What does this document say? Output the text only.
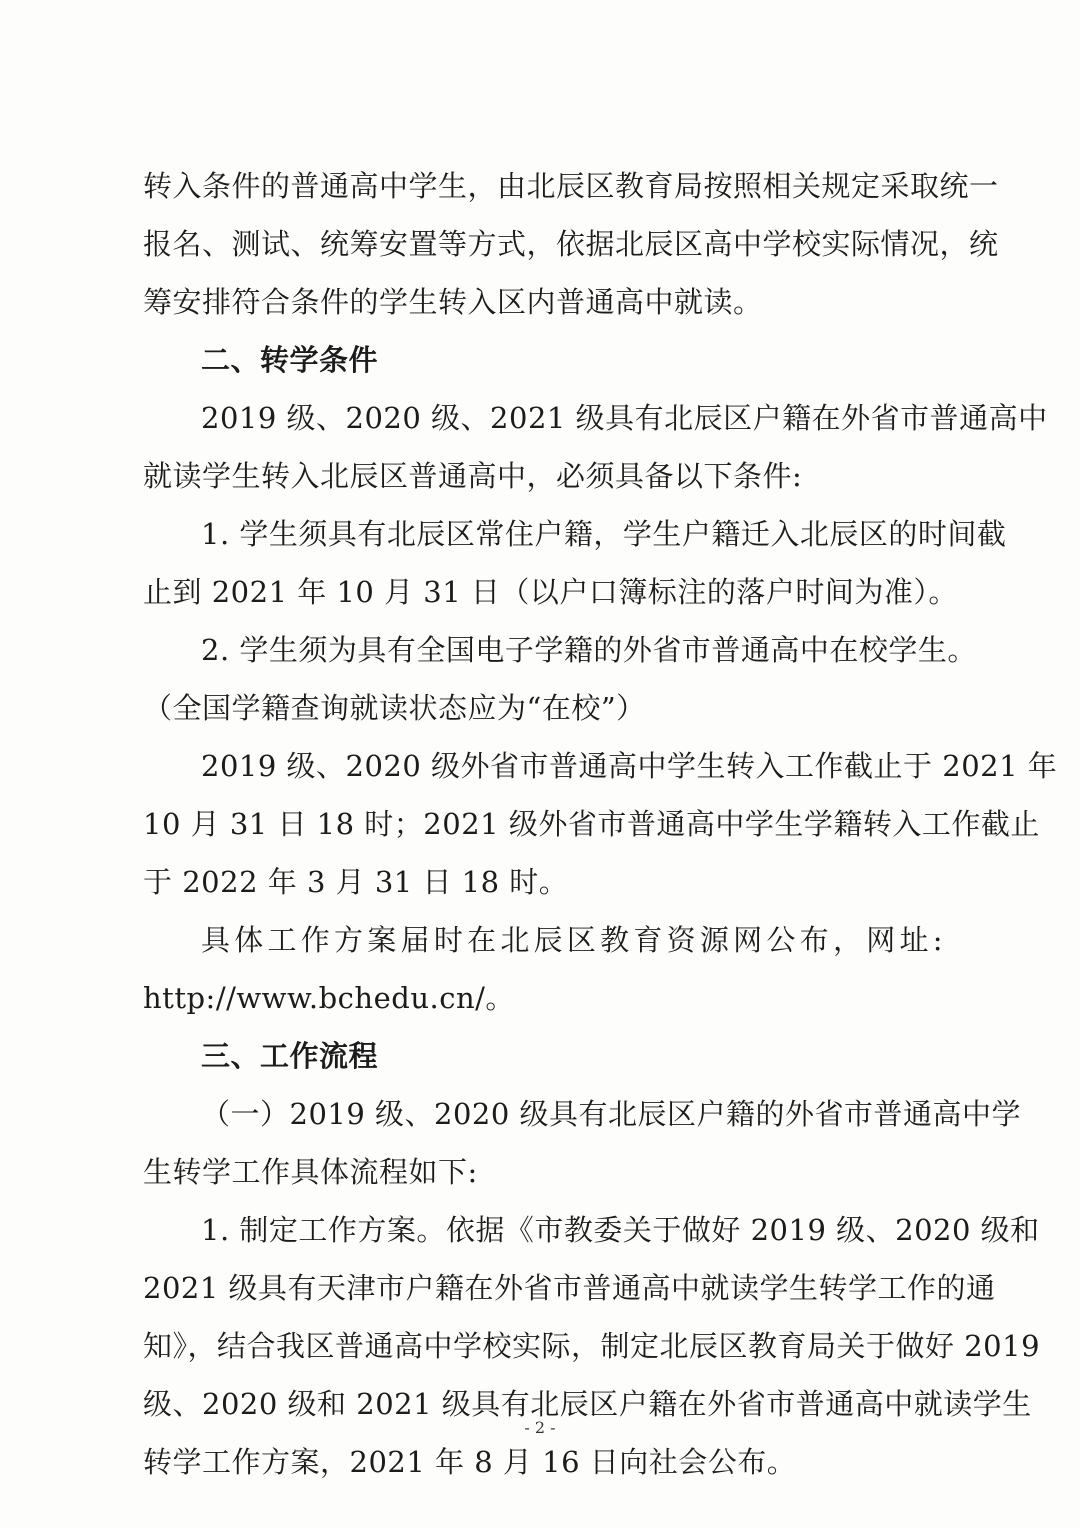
转入条件的普通高中学生，由北辰区教育局按照相关规定采取统一
报名、测试、统筹安置等方式，依据北辰区高中学校实际情况，统
筹安排符合条件的学生转入区内普通高中就读。
二、转学条件
2019 级、2020 级、2021 级具有北辰区户籍在外省市普通高中
就读学生转入北辰区普通高中，必须具备以下条件:
1. 学生须具有北辰区常住户籍，学生户籍迁入北辰区的时间截
止到 2021 年 10 月 31 日（以户口簿标注的落户时间为准）。
2. 学生须为具有全国电子学籍的外省市普通高中在校学生。
（全国学籍查询就读状态应为“在校”）
2019 级、2020 级外省市普通高中学生转入工作截止于 2021 年
10 月 31 日 18 时；2021 级外省市普通高中学生学籍转入工作截止
于 2022 年 3 月 31 日 18 时。
具体工作方案届时在北辰区教育资源网公布，网址:
http://www.bchedu.cn/。
三、工作流程
（一）2019 级、2020 级具有北辰区户籍的外省市普通高中学
生转学工作具体流程如下:
1. 制定工作方案。依据《市教委关于做好 2019 级、2020 级和
2021 级具有天津市户籍在外省市普通高中就读学生转学工作的通
知》，结合我区普通高中学校实际，制定北辰区教育局关于做好 2019
级、2020 级和 2021 级具有北辰区户籍在外省市普通高中就读学生
转学工作方案，2021 年 8 月 16 日向社会公布。
- 2 -
